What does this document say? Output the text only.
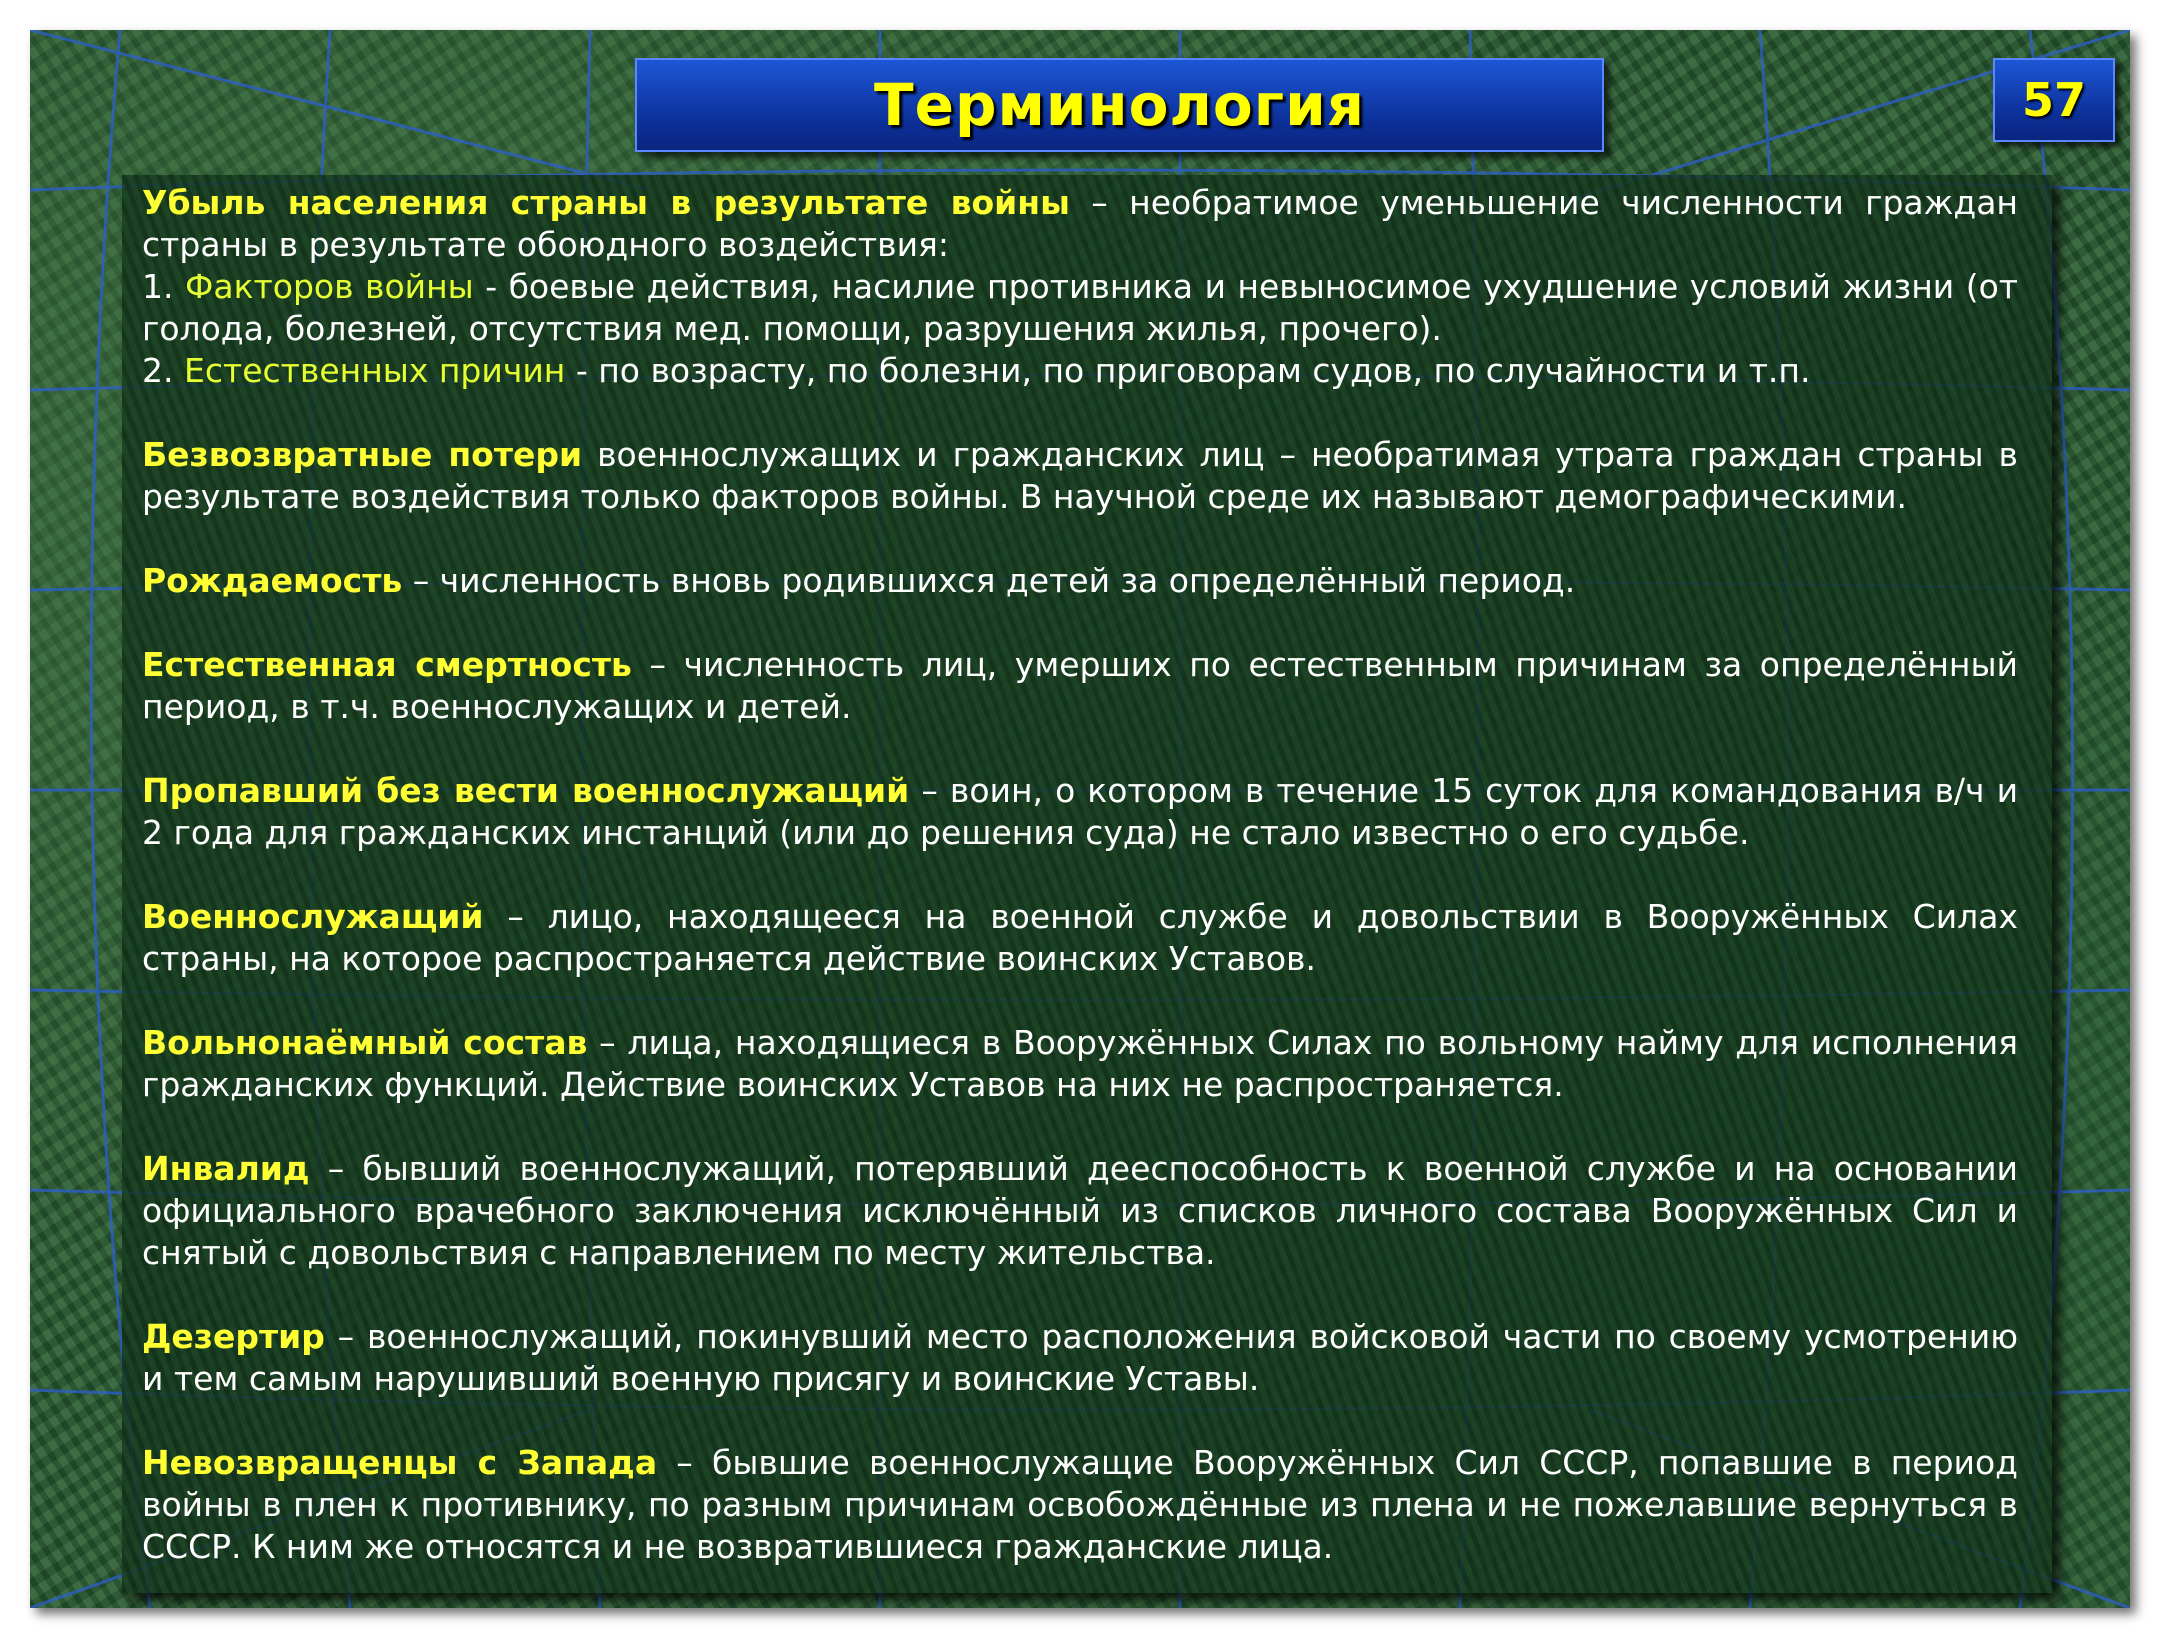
Терминология	57

Убыль населения страны в результате войны – необратимое уменьшение численности граждан страны в результате обоюдного воздействия:
1. Факторов войны - боевые действия, насилие противника и невыносимое ухудшение условий жизни (от голода, болезней, отсутствия мед. помощи, разрушения жилья, прочего).
2. Естественных причин - по возрасту, по болезни, по приговорам судов, по случайности и т.п.

Безвозвратные потери военнослужащих и гражданских лиц – необратимая утрата граждан страны в результате воздействия только факторов войны. В научной среде их называют демографическими.

Рождаемость – численность вновь родившихся детей за определённый период.

Естественная смертность – численность лиц, умерших по естественным причинам за определённый период, в т.ч. военнослужащих и детей.

Пропавший без вести военнослужащий – воин, о котором в течение 15 суток для командования в/ч и 2 года для гражданских инстанций (или до решения суда) не стало известно о его судьбе.

Военнослужащий – лицо, находящееся на военной службе и довольствии в Вооружённых Силах страны, на которое распространяется действие воинских Уставов.

Вольнонаёмный состав – лица, находящиеся в Вооружённых Силах по вольному найму для исполнения гражданских функций. Действие воинских Уставов на них не распространяется.

Инвалид – бывший военнослужащий, потерявший дееспособность к военной службе и на основании официального врачебного заключения исключённый из списков личного состава Вооружённых Сил и снятый с довольствия с направлением по месту жительства.

Дезертир – военнослужащий, покинувший место расположения войсковой части по своему усмотрению и тем самым нарушивший военную присягу и воинские Уставы.

Невозвращенцы с Запада – бывшие военнослужащие Вооружённых Сил СССР, попавшие в период войны в плен к противнику, по разным причинам освобождённые из плена и не пожелавшие вернуться в СССР. К ним же относятся и не возвратившиеся гражданские лица.
